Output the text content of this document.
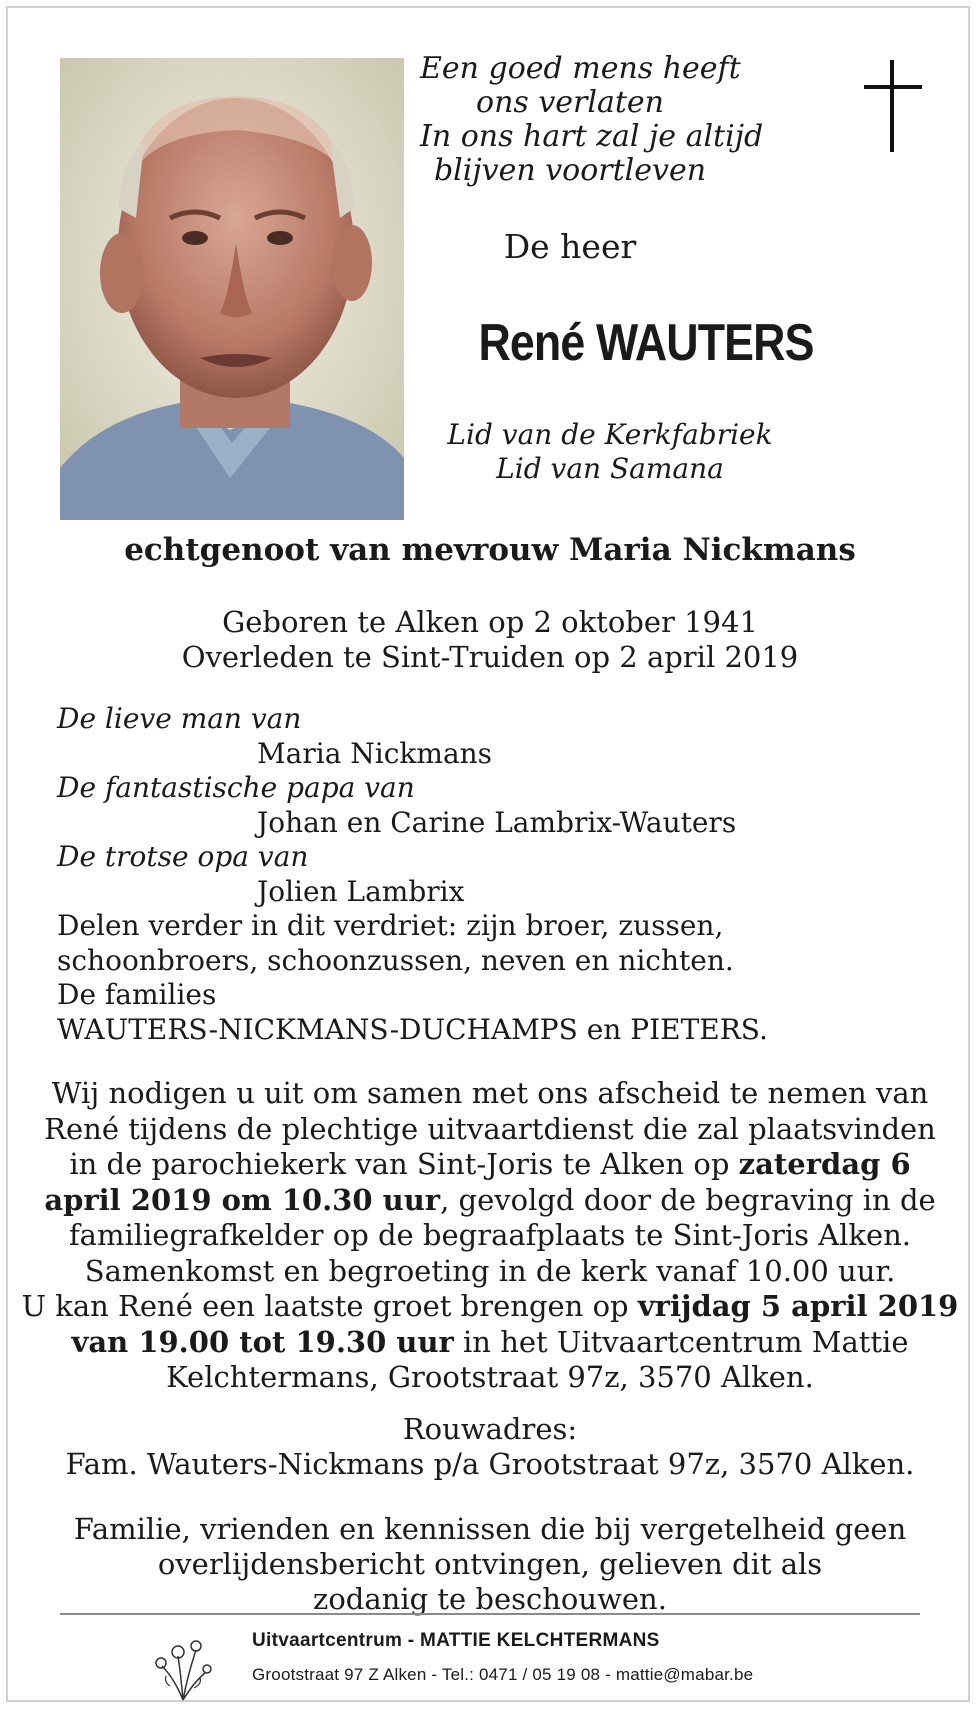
Een goed mens heeft
ons verlaten
In ons hart zal je altijd
blijven voortleven
De heer
René WAUTERS
Lid van de Kerkfabriek
Lid van Samana
echtgenoot van mevrouw Maria Nickmans
Geboren te Alken op 2 oktober 1941
Overleden te Sint-Truiden op 2 april 2019
De lieve man van
Maria Nickmans
De fantastische papa van
Johan en Carine Lambrix-Wauters
De trotse opa van
Jolien Lambrix
Delen verder in dit verdriet: zijn broer, zussen,
schoonbroers, schoonzussen, neven en nichten.
De families
WAUTERS-NICKMANS-DUCHAMPS en PIETERS.
Wij nodigen u uit om samen met ons afscheid te nemen van
René tijdens de plechtige uitvaartdienst die zal plaatsvinden
in de parochiekerk van Sint-Joris te Alken op zaterdag 6
april 2019 om 10.30 uur, gevolgd door de begraving in de
familiegrafkelder op de begraafplaats te Sint-Joris Alken.
Samenkomst en begroeting in de kerk vanaf 10.00 uur.
U kan René een laatste groet brengen op vrijdag 5 april 2019
van 19.00 tot 19.30 uur in het Uitvaartcentrum Mattie
Kelchtermans, Grootstraat 97z, 3570 Alken.
Rouwadres:
Fam. Wauters-Nickmans p/a Grootstraat 97z, 3570 Alken.
Familie, vrienden en kennissen die bij vergetelheid geen
overlijdensbericht ontvingen, gelieven dit als
zodanig te beschouwen.
Uitvaartcentrum - MATTIE KELCHTERMANS
Grootstraat 97 Z Alken - Tel.: 0471 / 05 19 08 - mattie@mabar.be
